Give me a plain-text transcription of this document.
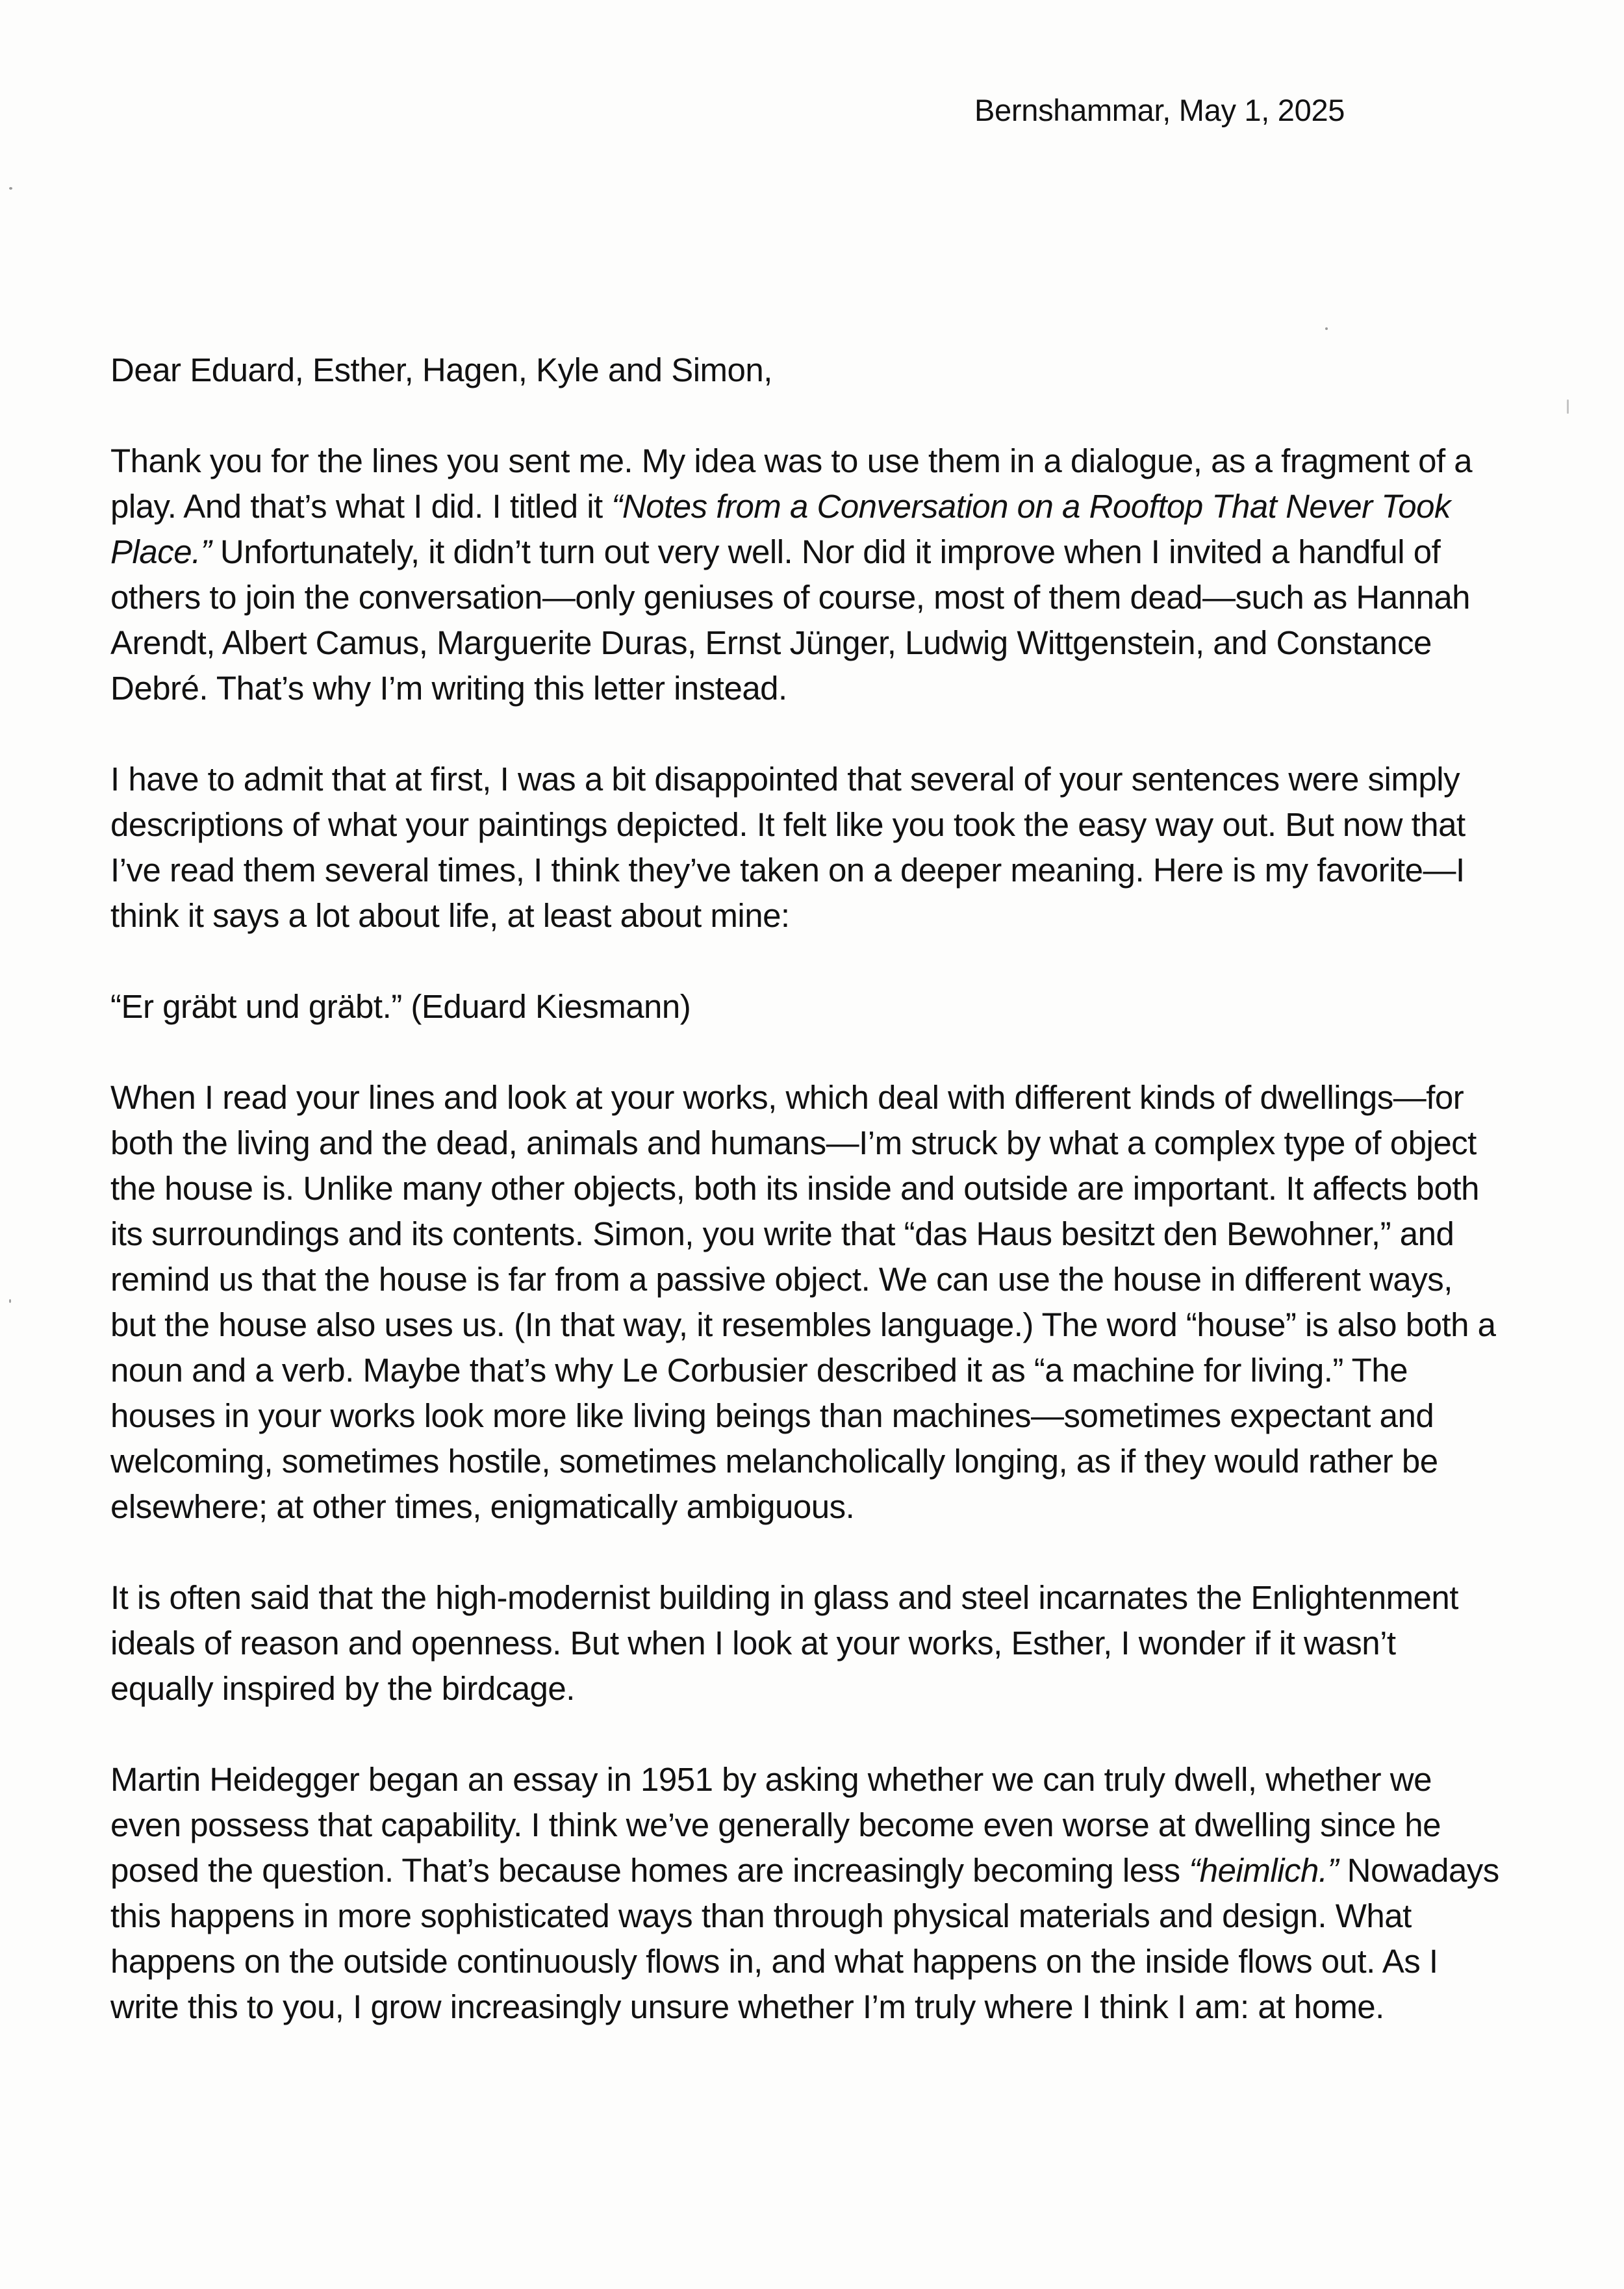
Bernshammar, May 1, 2025

Dear Eduard, Esther, Hagen, Kyle and Simon,

Thank you for the lines you sent me. My idea was to use them in a dialogue, as a fragment of a play. And that’s what I did. I titled it “Notes from a Conversation on a Rooftop That Never Took Place.” Unfortunately, it didn’t turn out very well. Nor did it improve when I invited a handful of others to join the conversation—only geniuses of course, most of them dead—such as Hannah Arendt, Albert Camus, Marguerite Duras, Ernst Jünger, Ludwig Wittgenstein, and Constance Debré. That’s why I’m writing this letter instead.

I have to admit that at first, I was a bit disappointed that several of your sentences were simply descriptions of what your paintings depicted. It felt like you took the easy way out. But now that I’ve read them several times, I think they’ve taken on a deeper meaning. Here is my favorite—I think it says a lot about life, at least about mine:

“Er gräbt und gräbt.” (Eduard Kiesmann)

When I read your lines and look at your works, which deal with different kinds of dwellings—for both the living and the dead, animals and humans—I’m struck by what a complex type of object the house is. Unlike many other objects, both its inside and outside are important. It affects both its surroundings and its contents. Simon, you write that “das Haus besitzt den Bewohner,” and remind us that the house is far from a passive object. We can use the house in different ways, but the house also uses us. (In that way, it resembles language.) The word “house” is also both a noun and a verb. Maybe that’s why Le Corbusier described it as “a machine for living.” The houses in your works look more like living beings than machines—sometimes expectant and welcoming, sometimes hostile, sometimes melancholically longing, as if they would rather be elsewhere; at other times, enigmatically ambiguous.

It is often said that the high-modernist building in glass and steel incarnates the Enlightenment ideals of reason and openness. But when I look at your works, Esther, I wonder if it wasn’t equally inspired by the birdcage.

Martin Heidegger began an essay in 1951 by asking whether we can truly dwell, whether we even possess that capability. I think we’ve generally become even worse at dwelling since he posed the question. That’s because homes are increasingly becoming less “heimlich.” Nowadays this happens in more sophisticated ways than through physical materials and design. What happens on the outside continuously flows in, and what happens on the inside flows out. As I write this to you, I grow increasingly unsure whether I’m truly where I think I am: at home.
